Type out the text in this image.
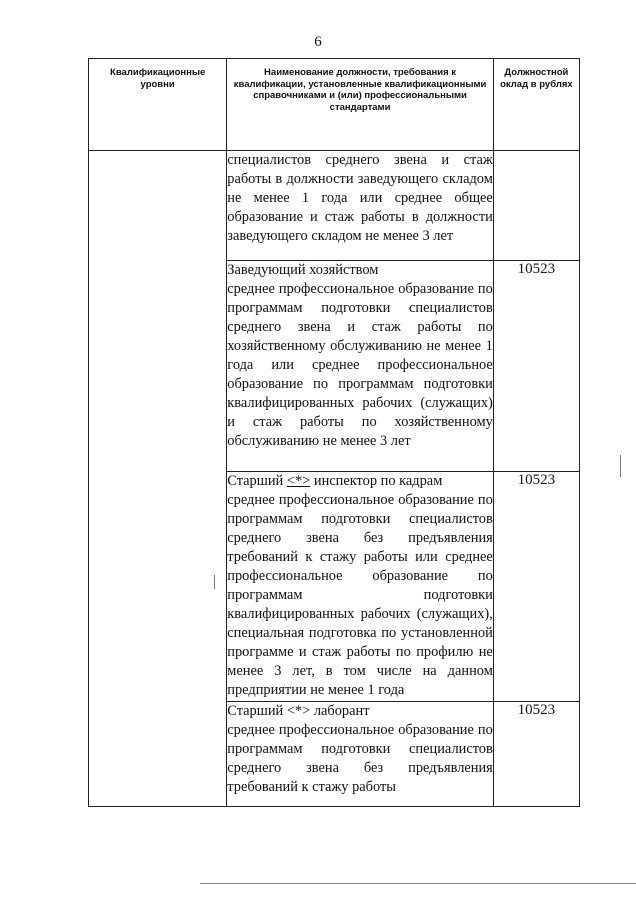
6
Квалификационные уровни	Наименование должности, требования к квалификации, установленные квалификационными справочниками и (или) профессиональными стандартами	Должностной оклад в рублях

	специалистов среднего звена и стаж работы в должности заведующего складом не менее 1 года или среднее общее образование и стаж работы в должности заведующего складом не менее 3 лет	

	Заведующий хозяйством
среднее профессиональное образование по программам подготовки специалистов среднего звена и стаж работы по хозяйственному обслуживанию не менее 1 года или среднее профессиональное образование по программам подготовки квалифицированных рабочих (служащих) и стаж работы по хозяйственному обслуживанию не менее 3 лет	10523

	Старший <*> инспектор по кадрам
среднее профессиональное образование по программам подготовки специалистов среднего звена без предъявления требований к стажу работы или среднее профессиональное образование по программам подготовки квалифицированных рабочих (служащих), специальная подготовка по установленной программе и стаж работы по профилю не менее 3 лет, в том числе на данном предприятии не менее 1 года	10523

	Старший <*> лаборант
среднее профессиональное образование по программам подготовки специалистов среднего звена без предъявления требований к стажу работы	10523
